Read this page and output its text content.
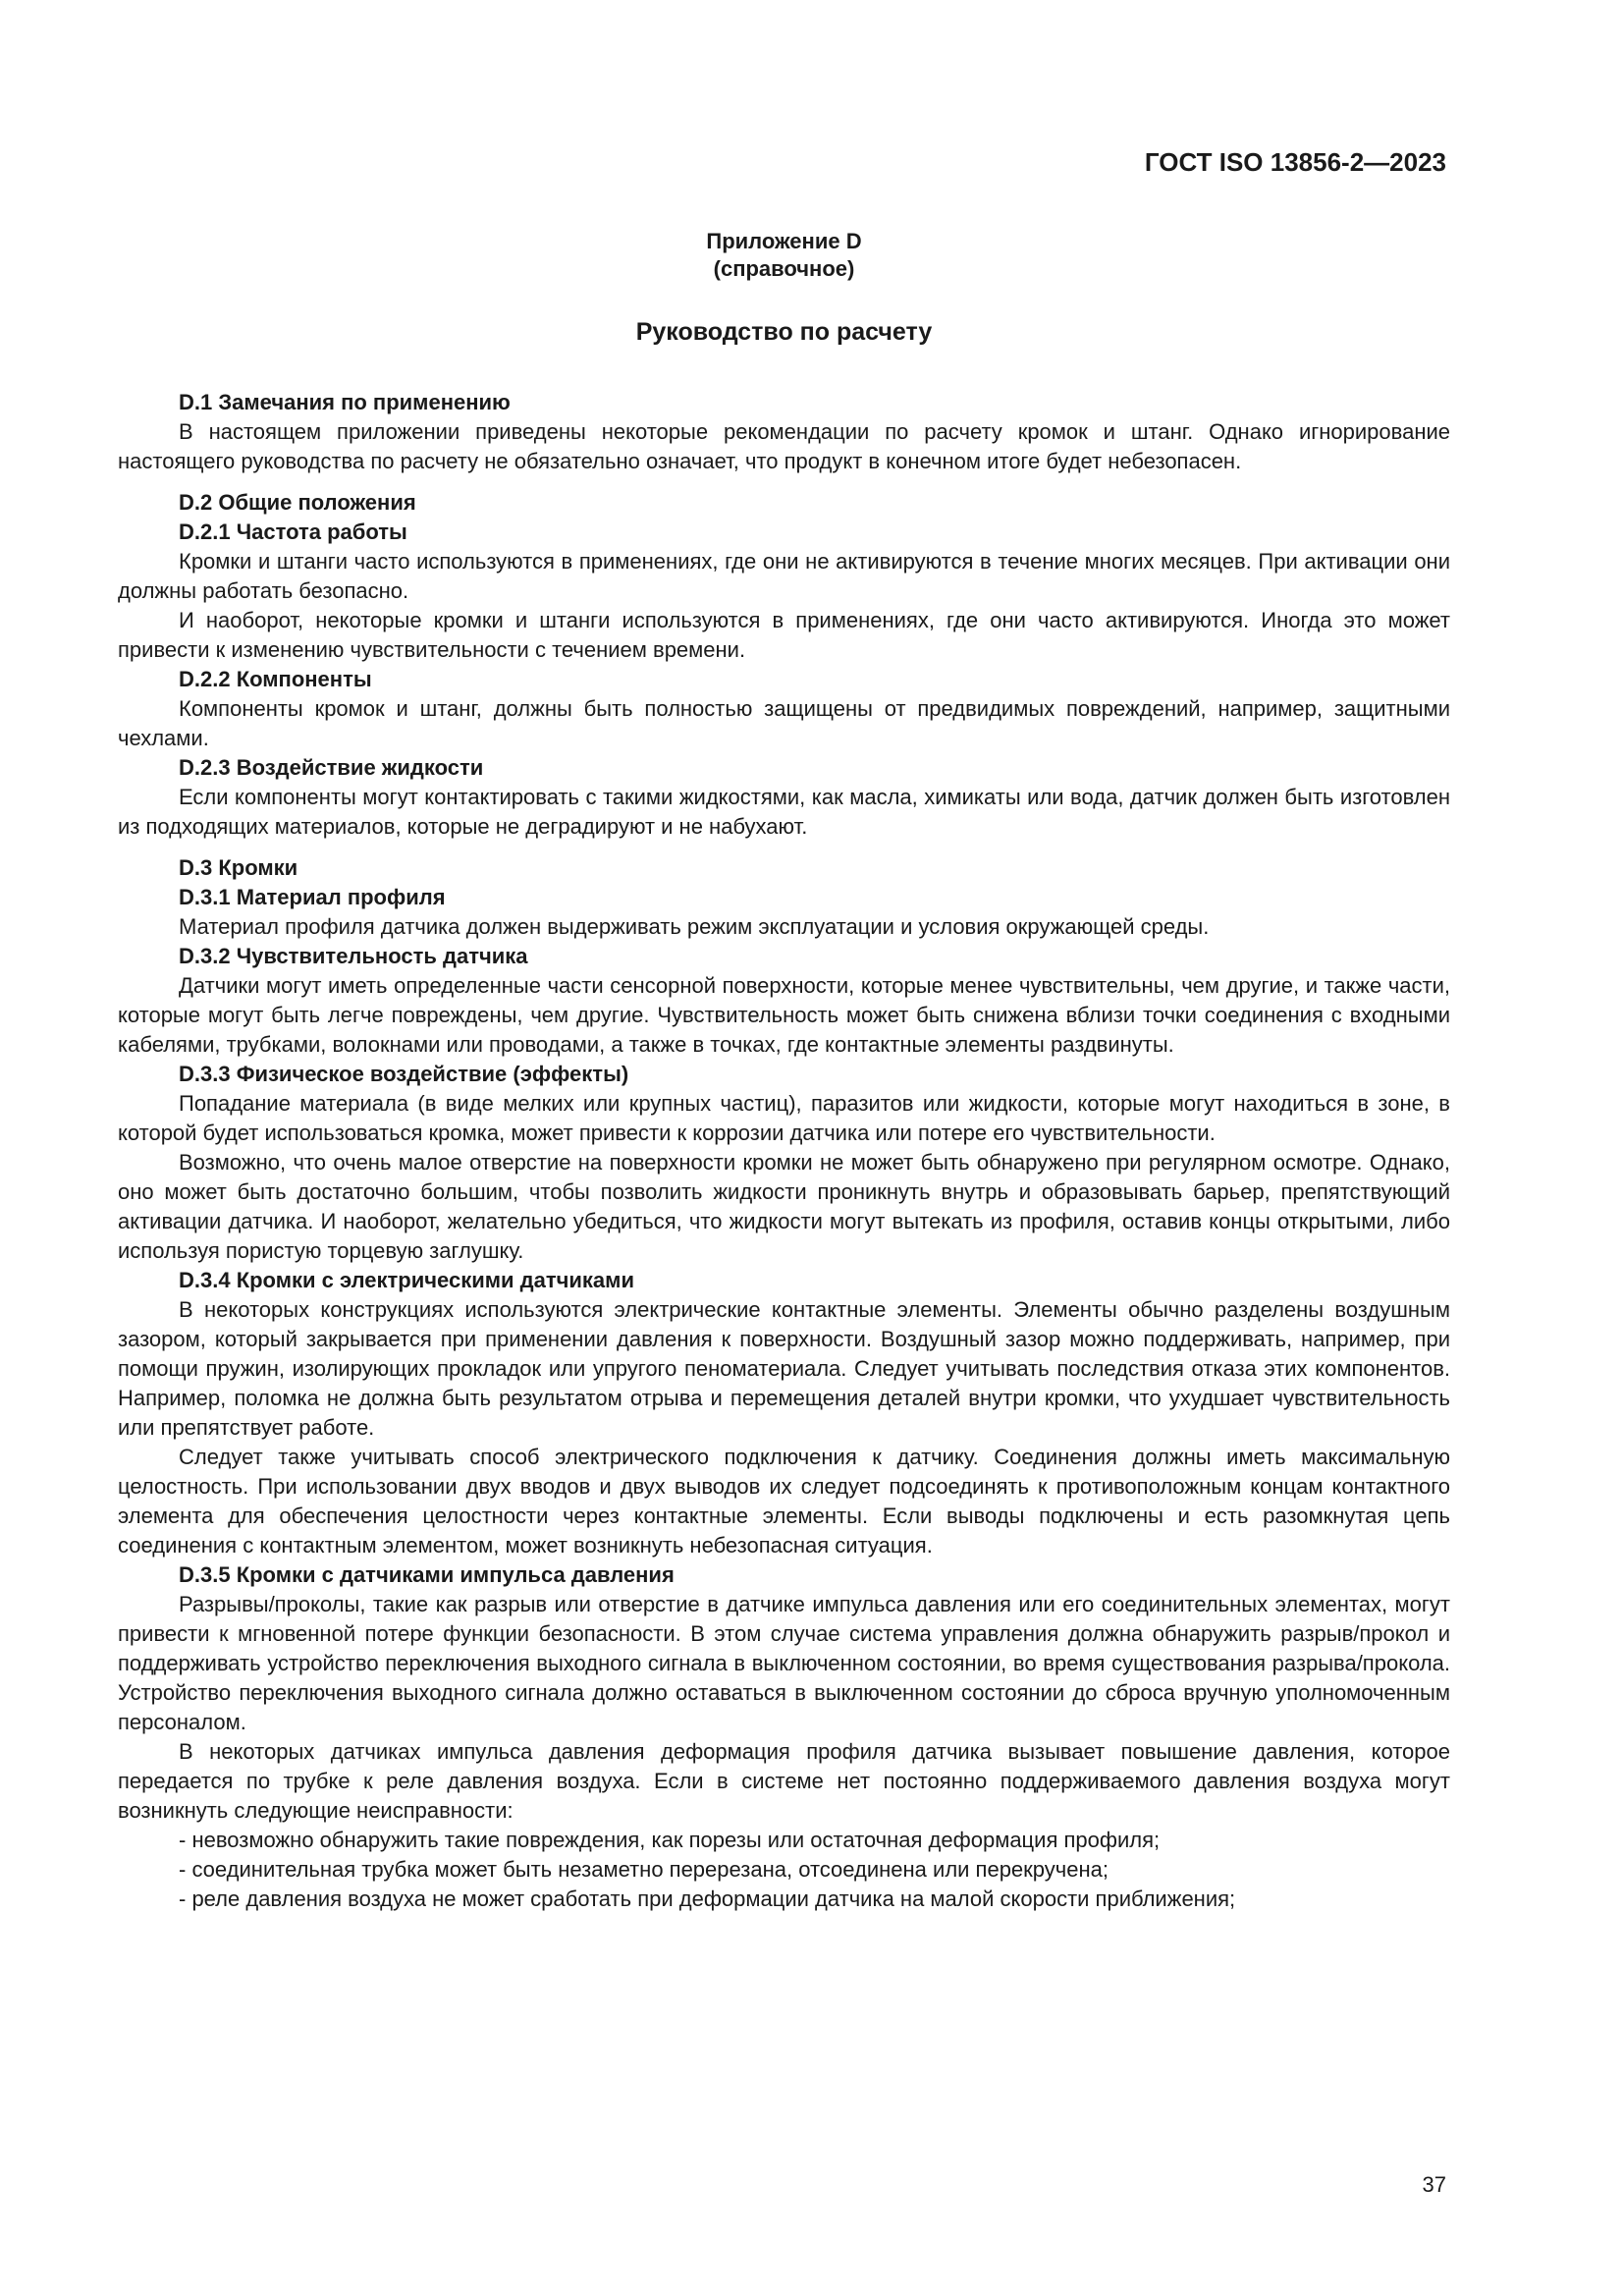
ГОСТ ISO 13856-2—2023
Приложение D
(справочное)
Руководство по расчету
D.1 Замечания по применению
В настоящем приложении приведены некоторые рекомендации по расчету кромок и штанг. Однако игнорирование настоящего руководства по расчету не обязательно означает, что продукт в конечном итоге будет небезопасен.
D.2 Общие положения
D.2.1 Частота работы
Кромки и штанги часто используются в применениях, где они не активируются в течение многих месяцев. При активации они должны работать безопасно.
И наоборот, некоторые кромки и штанги используются в применениях, где они часто активируются. Иногда это может привести к изменению чувствительности с течением времени.
D.2.2 Компоненты
Компоненты кромок и штанг, должны быть полностью защищены от предвидимых повреждений, например, защитными чехлами.
D.2.3 Воздействие жидкости
Если компоненты могут контактировать с такими жидкостями, как масла, химикаты или вода, датчик должен быть изготовлен из подходящих материалов, которые не деградируют и не набухают.
D.3 Кромки
D.3.1 Материал профиля
Материал профиля датчика должен выдерживать режим эксплуатации и условия окружающей среды.
D.3.2 Чувствительность датчика
Датчики могут иметь определенные части сенсорной поверхности, которые менее чувствительны, чем другие, и также части, которые могут быть легче повреждены, чем другие. Чувствительность может быть снижена вблизи точки соединения с входными кабелями, трубками, волокнами или проводами, а также в точках, где контактные элементы раздвинуты.
D.3.3 Физическое воздействие (эффекты)
Попадание материала (в виде мелких или крупных частиц), паразитов или жидкости, которые могут находиться в зоне, в которой будет использоваться кромка, может привести к коррозии датчика или потере его чувствительности.
Возможно, что очень малое отверстие на поверхности кромки не может быть обнаружено при регулярном осмотре. Однако, оно может быть достаточно большим, чтобы позволить жидкости проникнуть внутрь и образовывать барьер, препятствующий активации датчика. И наоборот, желательно убедиться, что жидкости могут вытекать из профиля, оставив концы открытыми, либо используя пористую торцевую заглушку.
D.3.4 Кромки с электрическими датчиками
В некоторых конструкциях используются электрические контактные элементы. Элементы обычно разделены воздушным зазором, который закрывается при применении давления к поверхности. Воздушный зазор можно поддерживать, например, при помощи пружин, изолирующих прокладок или упругого пеноматериала. Следует учитывать последствия отказа этих компонентов. Например, поломка не должна быть результатом отрыва и перемещения деталей внутри кромки, что ухудшает чувствительность или препятствует работе.
Следует также учитывать способ электрического подключения к датчику. Соединения должны иметь максимальную целостность. При использовании двух вводов и двух выводов их следует подсоединять к противоположным концам контактного элемента для обеспечения целостности через контактные элементы. Если выводы подключены и есть разомкнутая цепь соединения с контактным элементом, может возникнуть небезопасная ситуация.
D.3.5 Кромки с датчиками импульса давления
Разрывы/проколы, такие как разрыв или отверстие в датчике импульса давления или его соединительных элементах, могут привести к мгновенной потере функции безопасности. В этом случае система управления должна обнаружить разрыв/прокол и поддерживать устройство переключения выходного сигнала в выключенном состоянии, во время существования разрыва/прокола. Устройство переключения выходного сигнала должно оставаться в выключенном состоянии до сброса вручную уполномоченным персоналом.
В некоторых датчиках импульса давления деформация профиля датчика вызывает повышение давления, которое передается по трубке к реле давления воздуха. Если в системе нет постоянно поддерживаемого давления воздуха могут возникнуть следующие неисправности:
- невозможно обнаружить такие повреждения, как порезы или остаточная деформация профиля;
- соединительная трубка может быть незаметно перерезана, отсоединена или перекручена;
- реле давления воздуха не может сработать при деформации датчика на малой скорости приближения;
37
